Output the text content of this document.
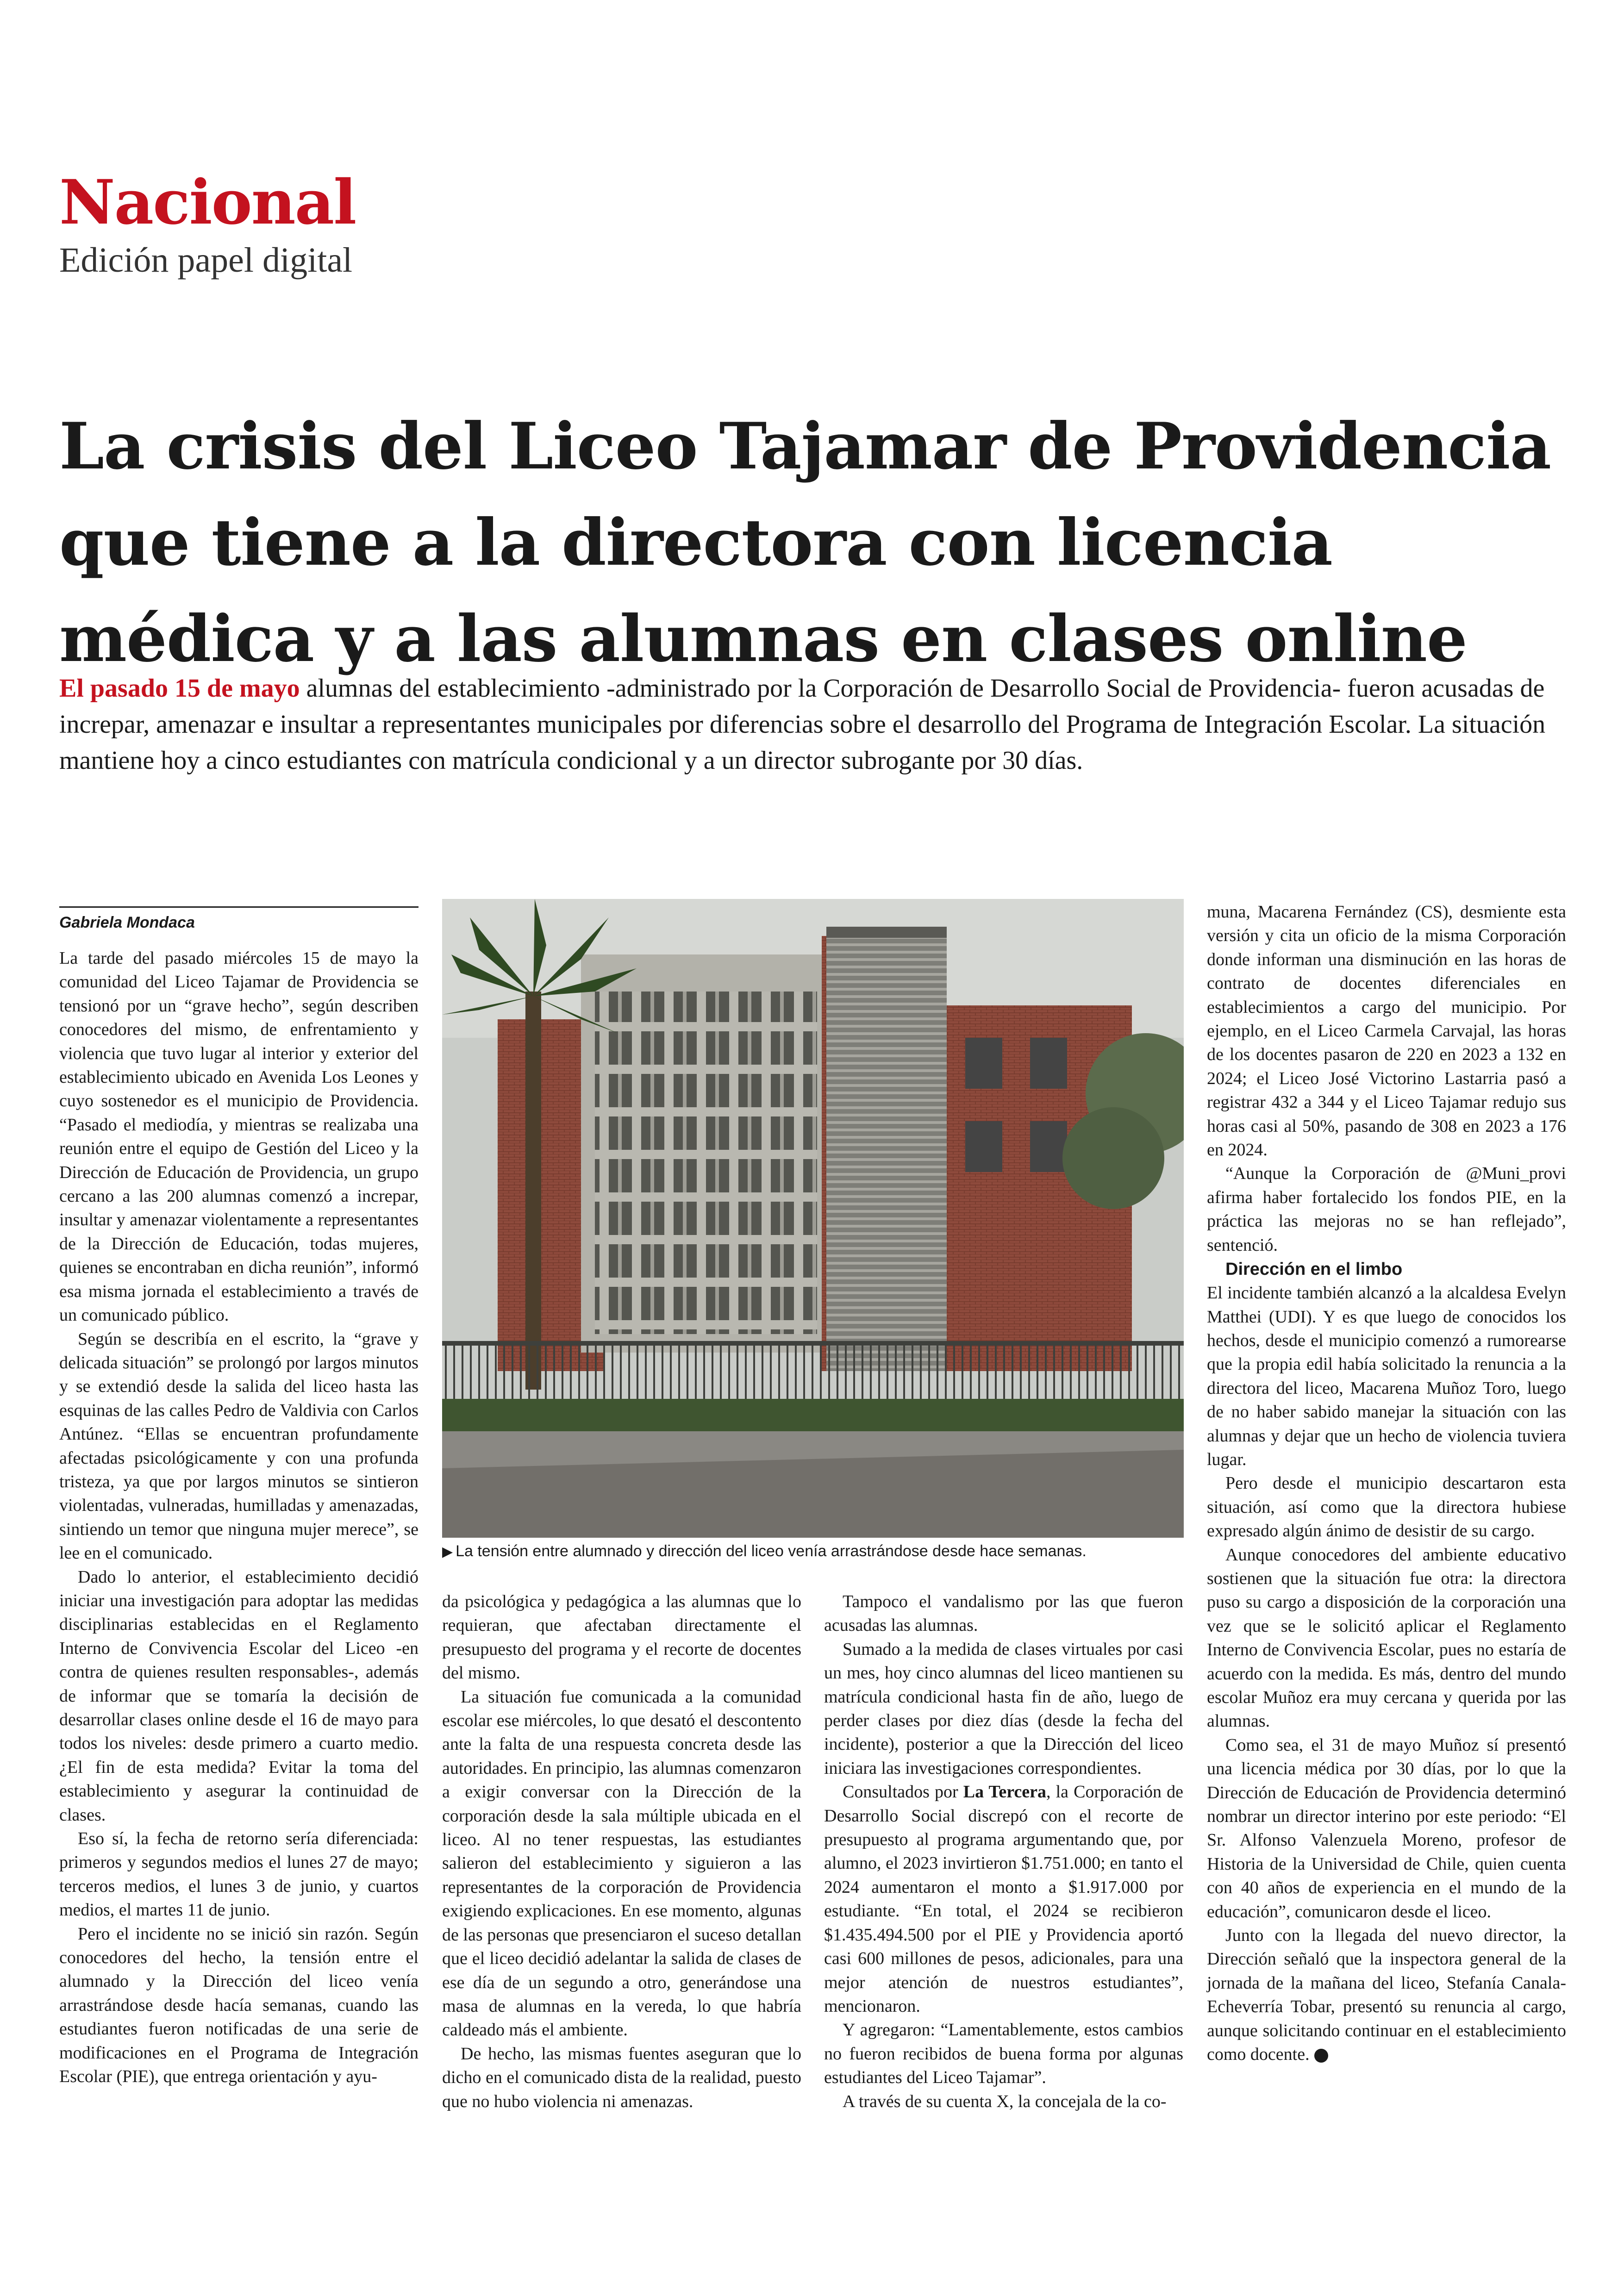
Nacional
Edición papel digital
La crisis del Liceo Tajamar de Providencia
que tiene a la directora con licencia
médica y a las alumnas en clases online

El pasado 15 de mayo alumnas del establecimiento -administrado por la Corporación de Desarrollo Social de Providencia- fueron acusadas de increpar, amenazar e insultar a representantes municipales por diferencias sobre el desarrollo del Programa de Integración Escolar. La situación mantiene hoy a cinco estudiantes con matrícula condicional y a un director subrogante por 30 días.

Gabriela Mondaca

La tarde del pasado miércoles 15 de mayo la comunidad del Liceo Tajamar de Providencia se tensionó por un “grave hecho”, según describen conocedores del mismo, de enfrentamiento y violencia que tuvo lugar al interior y exterior del establecimiento ubicado en Avenida Los Leones y cuyo sostenedor es el municipio de Providencia. “Pasado el mediodía, y mientras se realizaba una reunión entre el equipo de Gestión del Liceo y la Dirección de Educación de Providencia, un grupo cercano a las 200 alumnas comenzó a increpar, insultar y amenazar violentamente a representantes de la Dirección de Educación, todas mujeres, quienes se encontraban en dicha reunión”, informó esa misma jornada el establecimiento a través de un comunicado público.

Según se describía en el escrito, la “grave y delicada situación” se prolongó por largos minutos y se extendió desde la salida del liceo hasta las esquinas de las calles Pedro de Valdivia con Carlos Antúnez. “Ellas se encuentran profundamente afectadas psicológicamente y con una profunda tristeza, ya que por largos minutos se sintieron violentadas, vulneradas, humilladas y amenazadas, sintiendo un temor que ninguna mujer merece”, se lee en el comunicado.

Dado lo anterior, el establecimiento decidió iniciar una investigación para adoptar las medidas disciplinarias establecidas en el Reglamento Interno de Convivencia Escolar del Liceo -en contra de quienes resulten responsables-, además de informar que se tomaría la decisión de desarrollar clases online desde el 16 de mayo para todos los niveles: desde primero a cuarto medio. ¿El fin de esta medida? Evitar la toma del establecimiento y asegurar la continuidad de clases.

Eso sí, la fecha de retorno sería diferenciada: primeros y segundos medios el lunes 27 de mayo; terceros medios, el lunes 3 de junio, y cuartos medios, el martes 11 de junio.

Pero el incidente no se inició sin razón. Según conocedores del hecho, la tensión entre el alumnado y la Dirección del liceo venía arrastrándose desde hacía semanas, cuando las estudiantes fueron notificadas de una serie de modificaciones en el Programa de Integración Escolar (PIE), que entrega orientación y ayu-

▶ La tensión entre alumnado y dirección del liceo venía arrastrándose desde hace semanas.

da psicológica y pedagógica a las alumnas que lo requieran, que afectaban directamente el presupuesto del programa y el recorte de docentes del mismo.

La situación fue comunicada a la comunidad escolar ese miércoles, lo que desató el descontento ante la falta de una respuesta concreta desde las autoridades. En principio, las alumnas comenzaron a exigir conversar con la Dirección de la corporación desde la sala múltiple ubicada en el liceo. Al no tener respuestas, las estudiantes salieron del establecimiento y siguieron a las representantes de la corporación de Providencia exigiendo explicaciones. En ese momento, algunas de las personas que presenciaron el suceso detallan que el liceo decidió adelantar la salida de clases de ese día de un segundo a otro, generándose una masa de alumnas en la vereda, lo que habría caldeado más el ambiente.

De hecho, las mismas fuentes aseguran que lo dicho en el comunicado dista de la realidad, puesto que no hubo violencia ni amenazas.

Tampoco el vandalismo por las que fueron acusadas las alumnas.

Sumado a la medida de clases virtuales por casi un mes, hoy cinco alumnas del liceo mantienen su matrícula condicional hasta fin de año, luego de perder clases por diez días (desde la fecha del incidente), posterior a que la Dirección del liceo iniciara las investigaciones correspondientes.

Consultados por La Tercera, la Corporación de Desarrollo Social discrepó con el recorte de presupuesto al programa argumentando que, por alumno, el 2023 invirtieron $1.751.000; en tanto el 2024 aumentaron el monto a $1.917.000 por estudiante. “En total, el 2024 se recibieron $1.435.494.500 por el PIE y Providencia aportó casi 600 millones de pesos, adicionales, para una mejor atención de nuestros estudiantes”, mencionaron.

Y agregaron: “Lamentablemente, estos cambios no fueron recibidos de buena forma por algunas estudiantes del Liceo Tajamar”.

A través de su cuenta X, la concejala de la co-

muna, Macarena Fernández (CS), desmiente esta versión y cita un oficio de la misma Corporación donde informan una disminución en las horas de contrato de docentes diferenciales en establecimientos a cargo del municipio. Por ejemplo, en el Liceo Carmela Carvajal, las horas de los docentes pasaron de 220 en 2023 a 132 en 2024; el Liceo José Victorino Lastarria pasó a registrar 432 a 344 y el Liceo Tajamar redujo sus horas casi al 50%, pasando de 308 en 2023 a 176 en 2024.

“Aunque la Corporación de @Muni_provi afirma haber fortalecido los fondos PIE, en la práctica las mejoras no se han reflejado”, sentenció.

Dirección en el limbo

El incidente también alcanzó a la alcaldesa Evelyn Matthei (UDI). Y es que luego de conocidos los hechos, desde el municipio comenzó a rumorearse que la propia edil había solicitado la renuncia a la directora del liceo, Macarena Muñoz Toro, luego de no haber sabido manejar la situación con las alumnas y dejar que un hecho de violencia tuviera lugar.

Pero desde el municipio descartaron esta situación, así como que la directora hubiese expresado algún ánimo de desistir de su cargo.

Aunque conocedores del ambiente educativo sostienen que la situación fue otra: la directora puso su cargo a disposición de la corporación una vez que se le solicitó aplicar el Reglamento Interno de Convivencia Escolar, pues no estaría de acuerdo con la medida. Es más, dentro del mundo escolar Muñoz era muy cercana y querida por las alumnas.

Como sea, el 31 de mayo Muñoz sí presentó una licencia médica por 30 días, por lo que la Dirección de Educación de Providencia determinó nombrar un director interino por este periodo: “El Sr. Alfonso Valenzuela Moreno, profesor de Historia de la Universidad de Chile, quien cuenta con 40 años de experiencia en el mundo de la educación”, comunicaron desde el liceo.

Junto con la llegada del nuevo director, la Dirección señaló que la inspectora general de la jornada de la mañana del liceo, Stefanía Canala-Echeverría Tobar, presentó su renuncia al cargo, aunque solicitando continuar en el establecimiento como docente.
